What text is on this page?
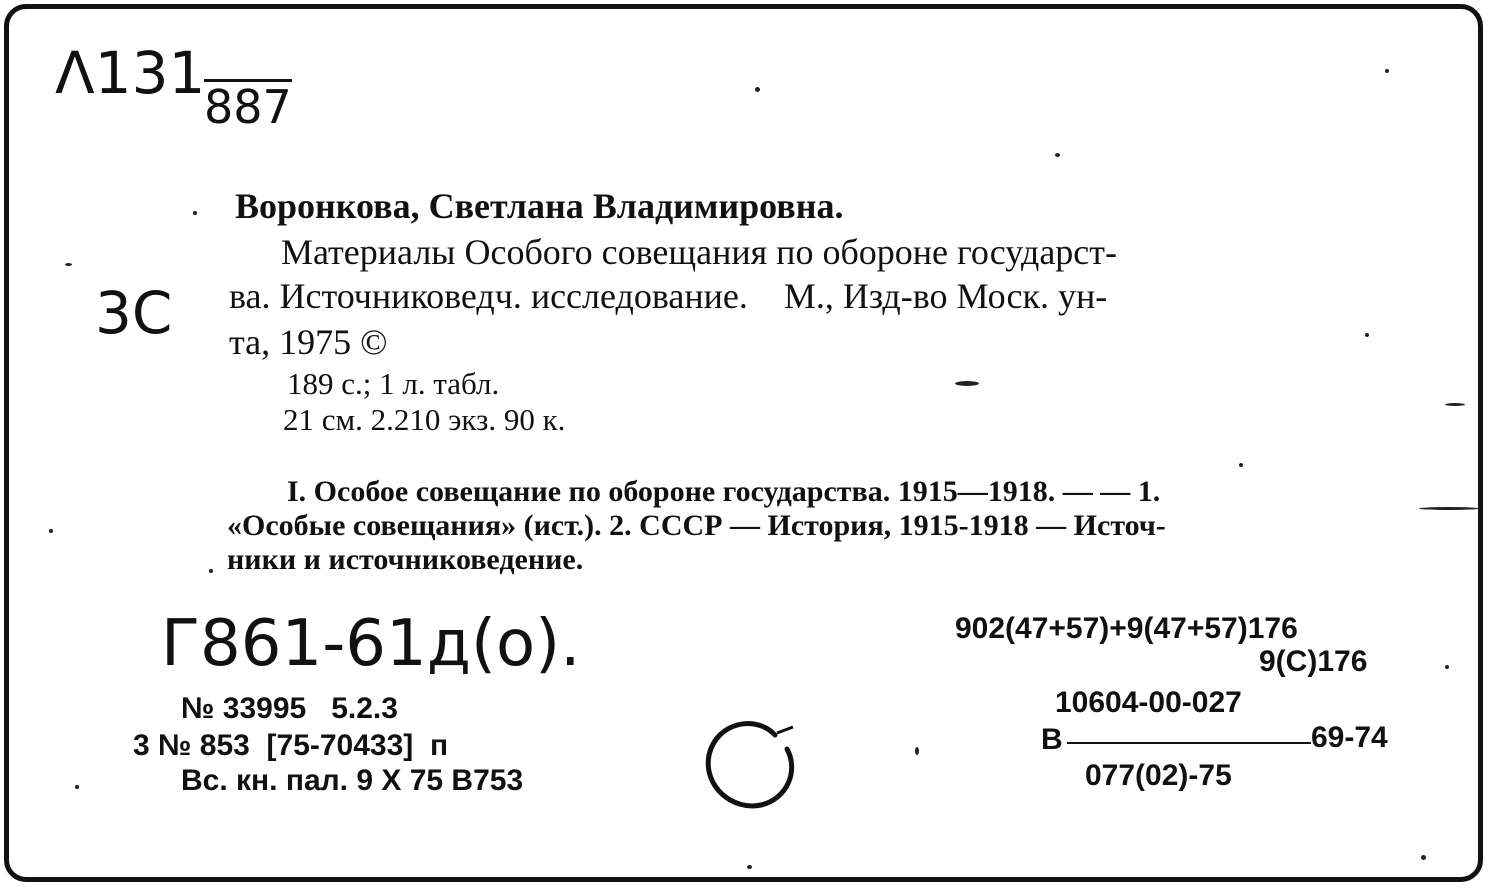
Λ131
887
3C
Воронкова, Светлана Владимировна.
Материалы Особого совещания по обороне государст-
ва. Источниковедч. исследование.    М., Изд-во Моск. ун-
та, 1975 ©
189 с.; 1 л. табл.
21 см. 2.210 экз. 90 к.
I. Особое совещание по обороне государства. 1915—1918. — — 1.
«Особые совещания» (ист.). 2. СССР — История, 1915-1918 — Источ-
ники и источниковедение.
Г861-61д(o).
№ 33995   5.2.3
3 № 853  [75-70433]  п
Вс. кн. пал. 9 Х 75 В753
902(47+57)+9(47+57)176
9(С)176
10604-00-027
В	69-74
077(02)-75
